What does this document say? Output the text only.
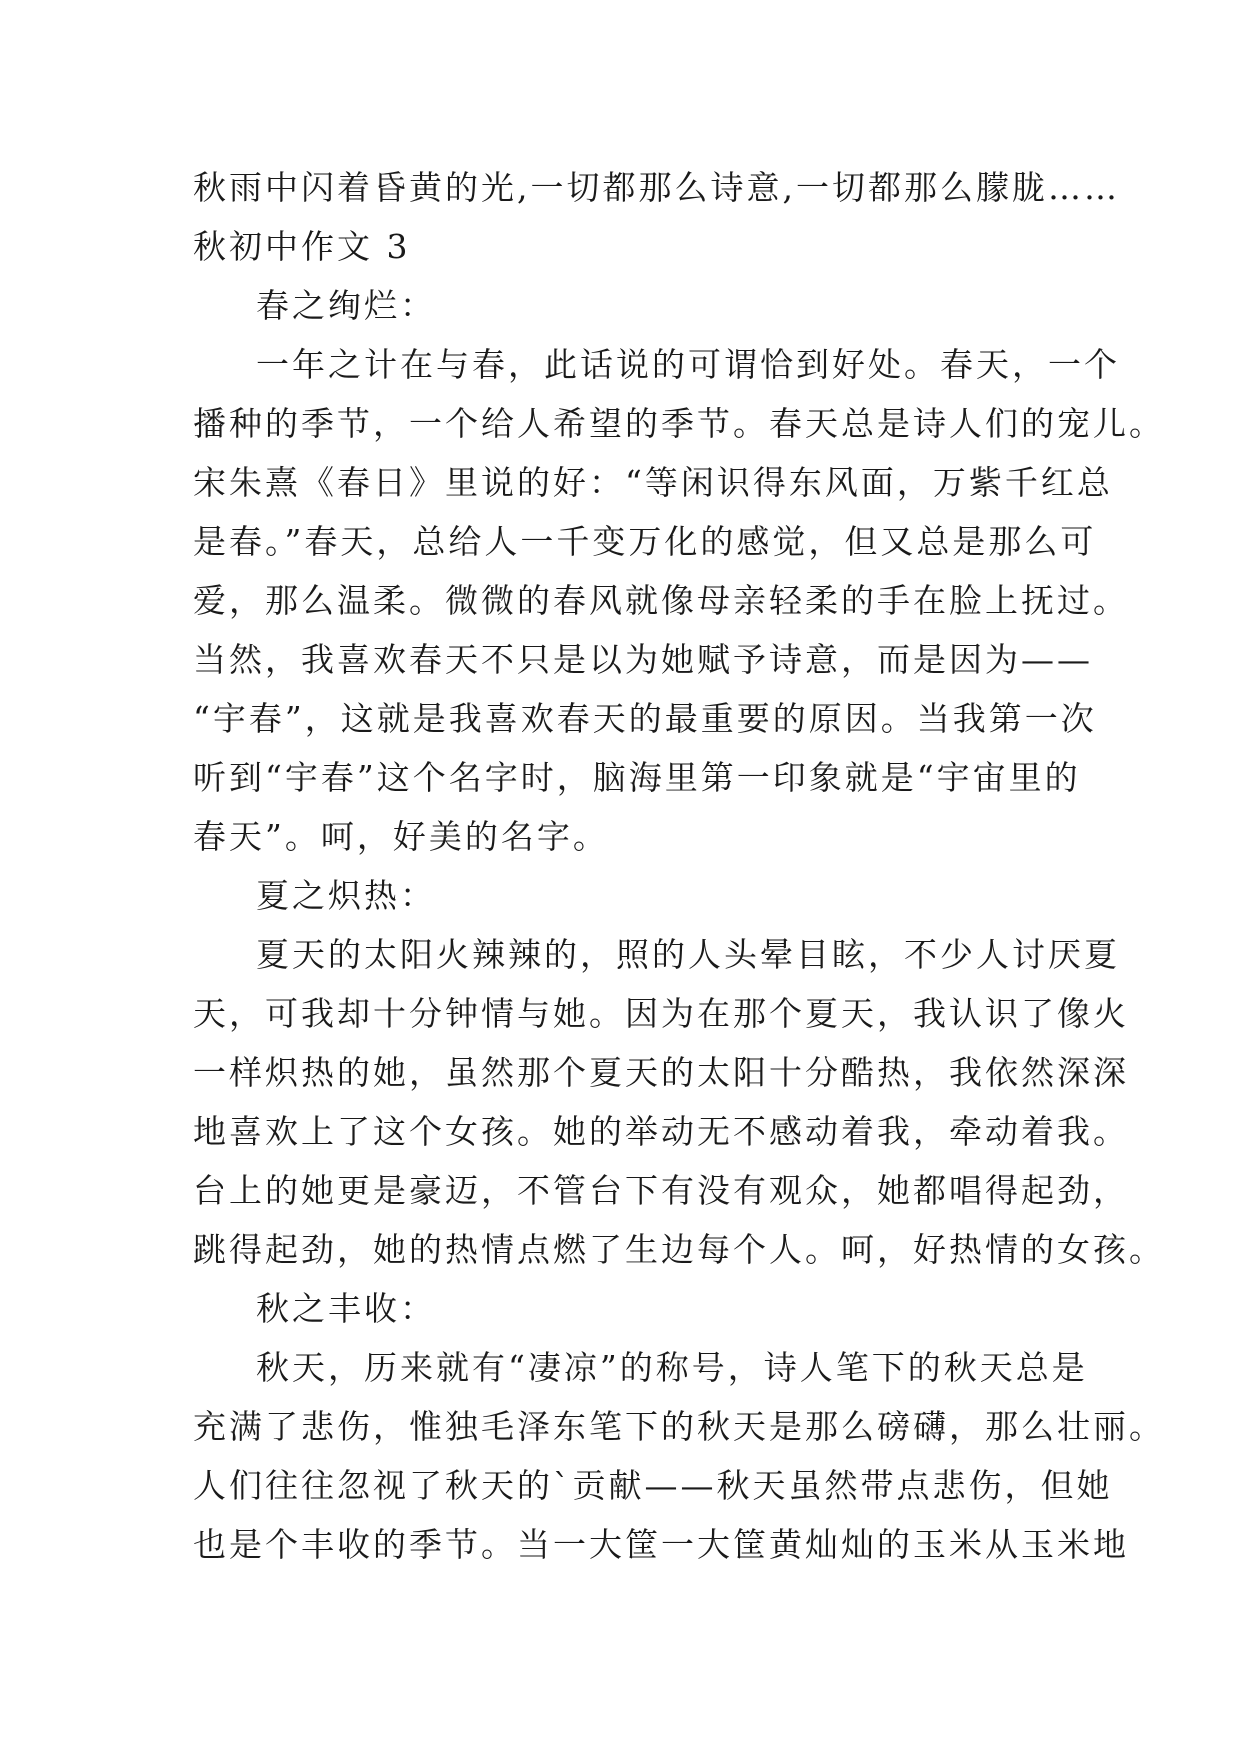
秋雨中闪着昏黄的光,一切都那么诗意,一切都那么朦胧……
秋初中作文 3
春之绚烂：
一年之计在与春，此话说的可谓恰到好处。春天，一个
播种的季节，一个给人希望的季节。春天总是诗人们的宠儿。
宋朱熹《春日》里说的好：“等闲识得东风面，万紫千红总
是春。”春天，总给人一千变万化的感觉，但又总是那么可
爱，那么温柔。微微的春风就像母亲轻柔的手在脸上抚过。
当然，我喜欢春天不只是以为她赋予诗意，而是因为——
“宇春”，这就是我喜欢春天的最重要的原因。当我第一次
听到“宇春”这个名字时，脑海里第一印象就是“宇宙里的
春天”。呵，好美的名字。
夏之炽热：
夏天的太阳火辣辣的，照的人头晕目眩，不少人讨厌夏
天，可我却十分钟情与她。因为在那个夏天，我认识了像火
一样炽热的她，虽然那个夏天的太阳十分酷热，我依然深深
地喜欢上了这个女孩。她的举动无不感动着我，牵动着我。
台上的她更是豪迈，不管台下有没有观众，她都唱得起劲，
跳得起劲，她的热情点燃了生边每个人。呵，好热情的女孩。
秋之丰收：
秋天，历来就有“凄凉”的称号，诗人笔下的秋天总是
充满了悲伤，惟独毛泽东笔下的秋天是那么磅礴，那么壮丽。
人们往往忽视了秋天的`贡献——秋天虽然带点悲伤，但她
也是个丰收的季节。当一大筐一大筐黄灿灿的玉米从玉米地
